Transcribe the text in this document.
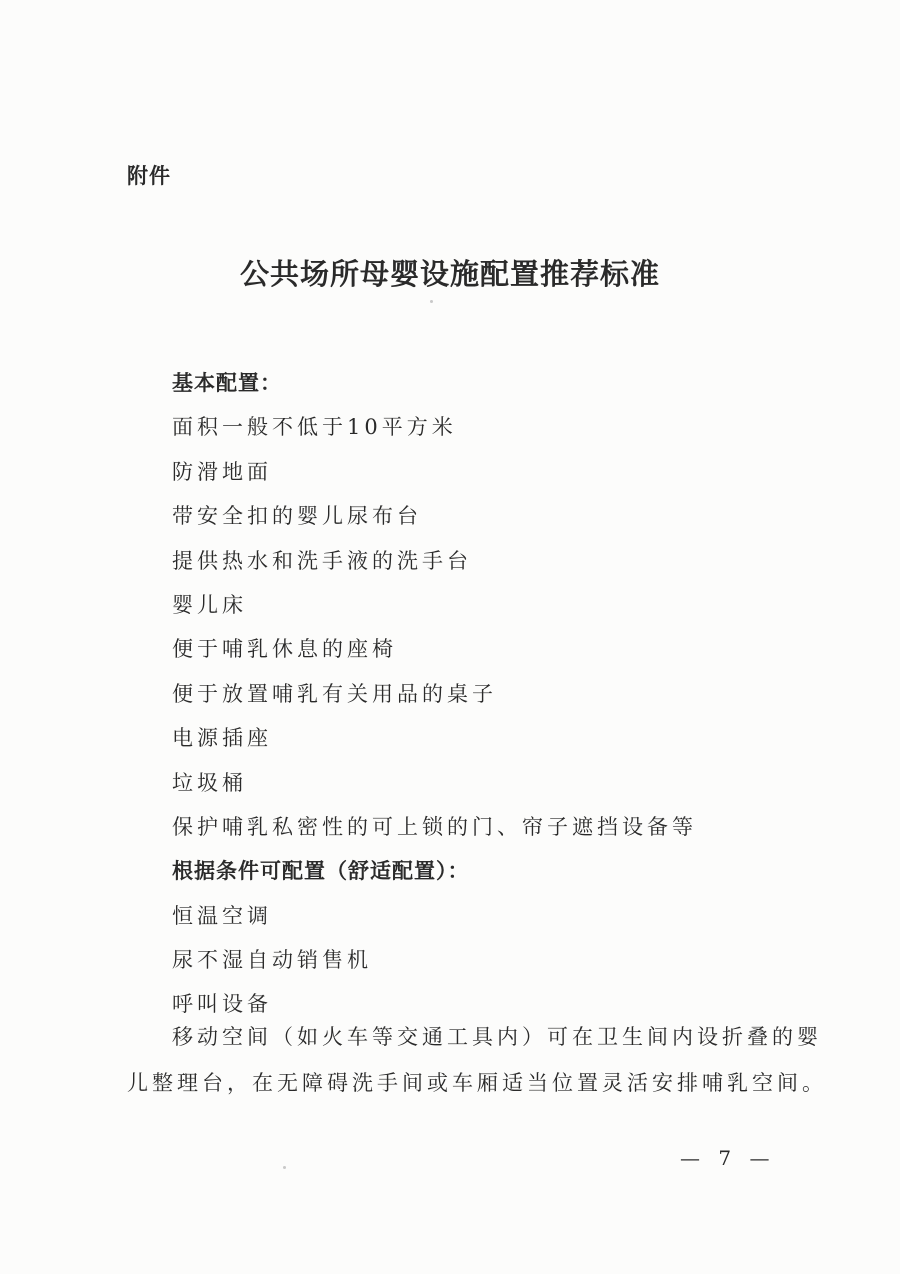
附件
公共场所母婴设施配置推荐标准
基本配置：
面积一般不低于10平方米
防滑地面
带安全扣的婴儿尿布台
提供热水和洗手液的洗手台
婴儿床
便于哺乳休息的座椅
便于放置哺乳有关用品的桌子
电源插座
垃圾桶
保护哺乳私密性的可上锁的门、帘子遮挡设备等
根据条件可配置（舒适配置）：
恒温空调
尿不湿自动销售机
呼叫设备
移动空间（如火车等交通工具内）可在卫生间内设折叠的婴
儿整理台，在无障碍洗手间或车厢适当位置灵活安排哺乳空间。
— 7 —
